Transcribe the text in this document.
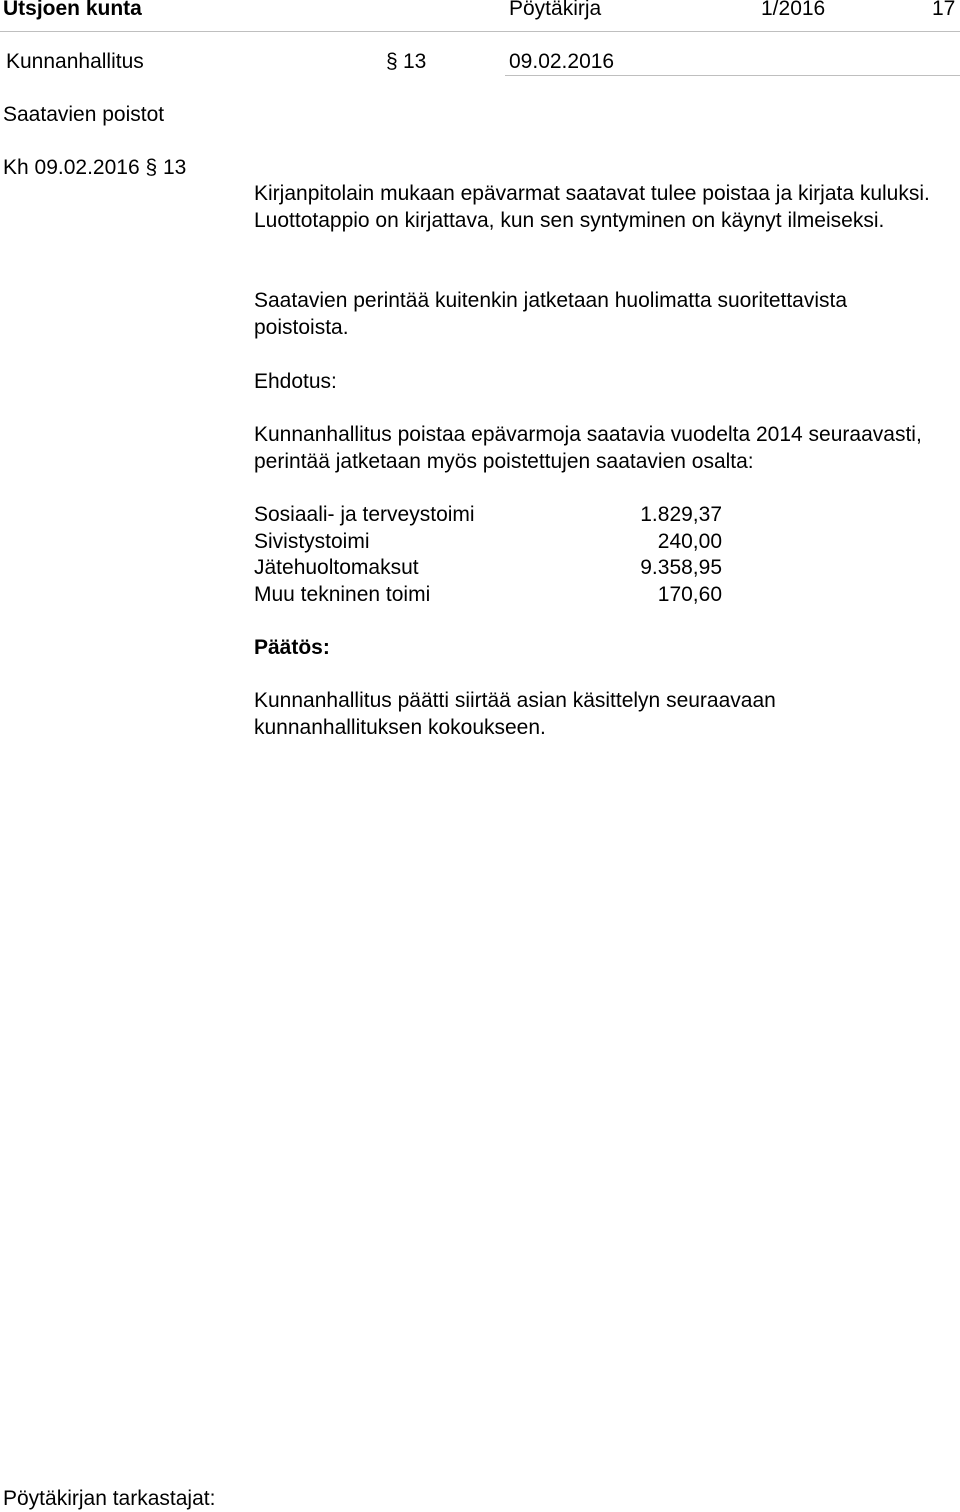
Utsjoen kunta	Pöytäkirja	1/2016	17
Kunnanhallitus	§ 13	09.02.2016
Saatavien poistot
Kh 09.02.2016 § 13
Kirjanpitolain mukaan epävarmat saatavat tulee poistaa ja kirjata kuluksi. Luottotappio on kirjattava, kun sen syntyminen on käynyt ilmeiseksi.
Saatavien perintää kuitenkin jatketaan huolimatta suoritettavista poistoista.
Ehdotus:
Kunnanhallitus poistaa epävarmoja saatavia vuodelta 2014 seuraavasti, perintää jatketaan myös poistettujen saatavien osalta:
Sosiaali- ja terveystoimi	1.829,37
Sivistystoimi	240,00
Jätehuoltomaksut	9.358,95
Muu tekninen toimi	170,60
Päätös:
Kunnanhallitus päätti siirtää asian käsittelyn seuraavaan kunnanhallituksen kokoukseen.
Pöytäkirjan tarkastajat:
